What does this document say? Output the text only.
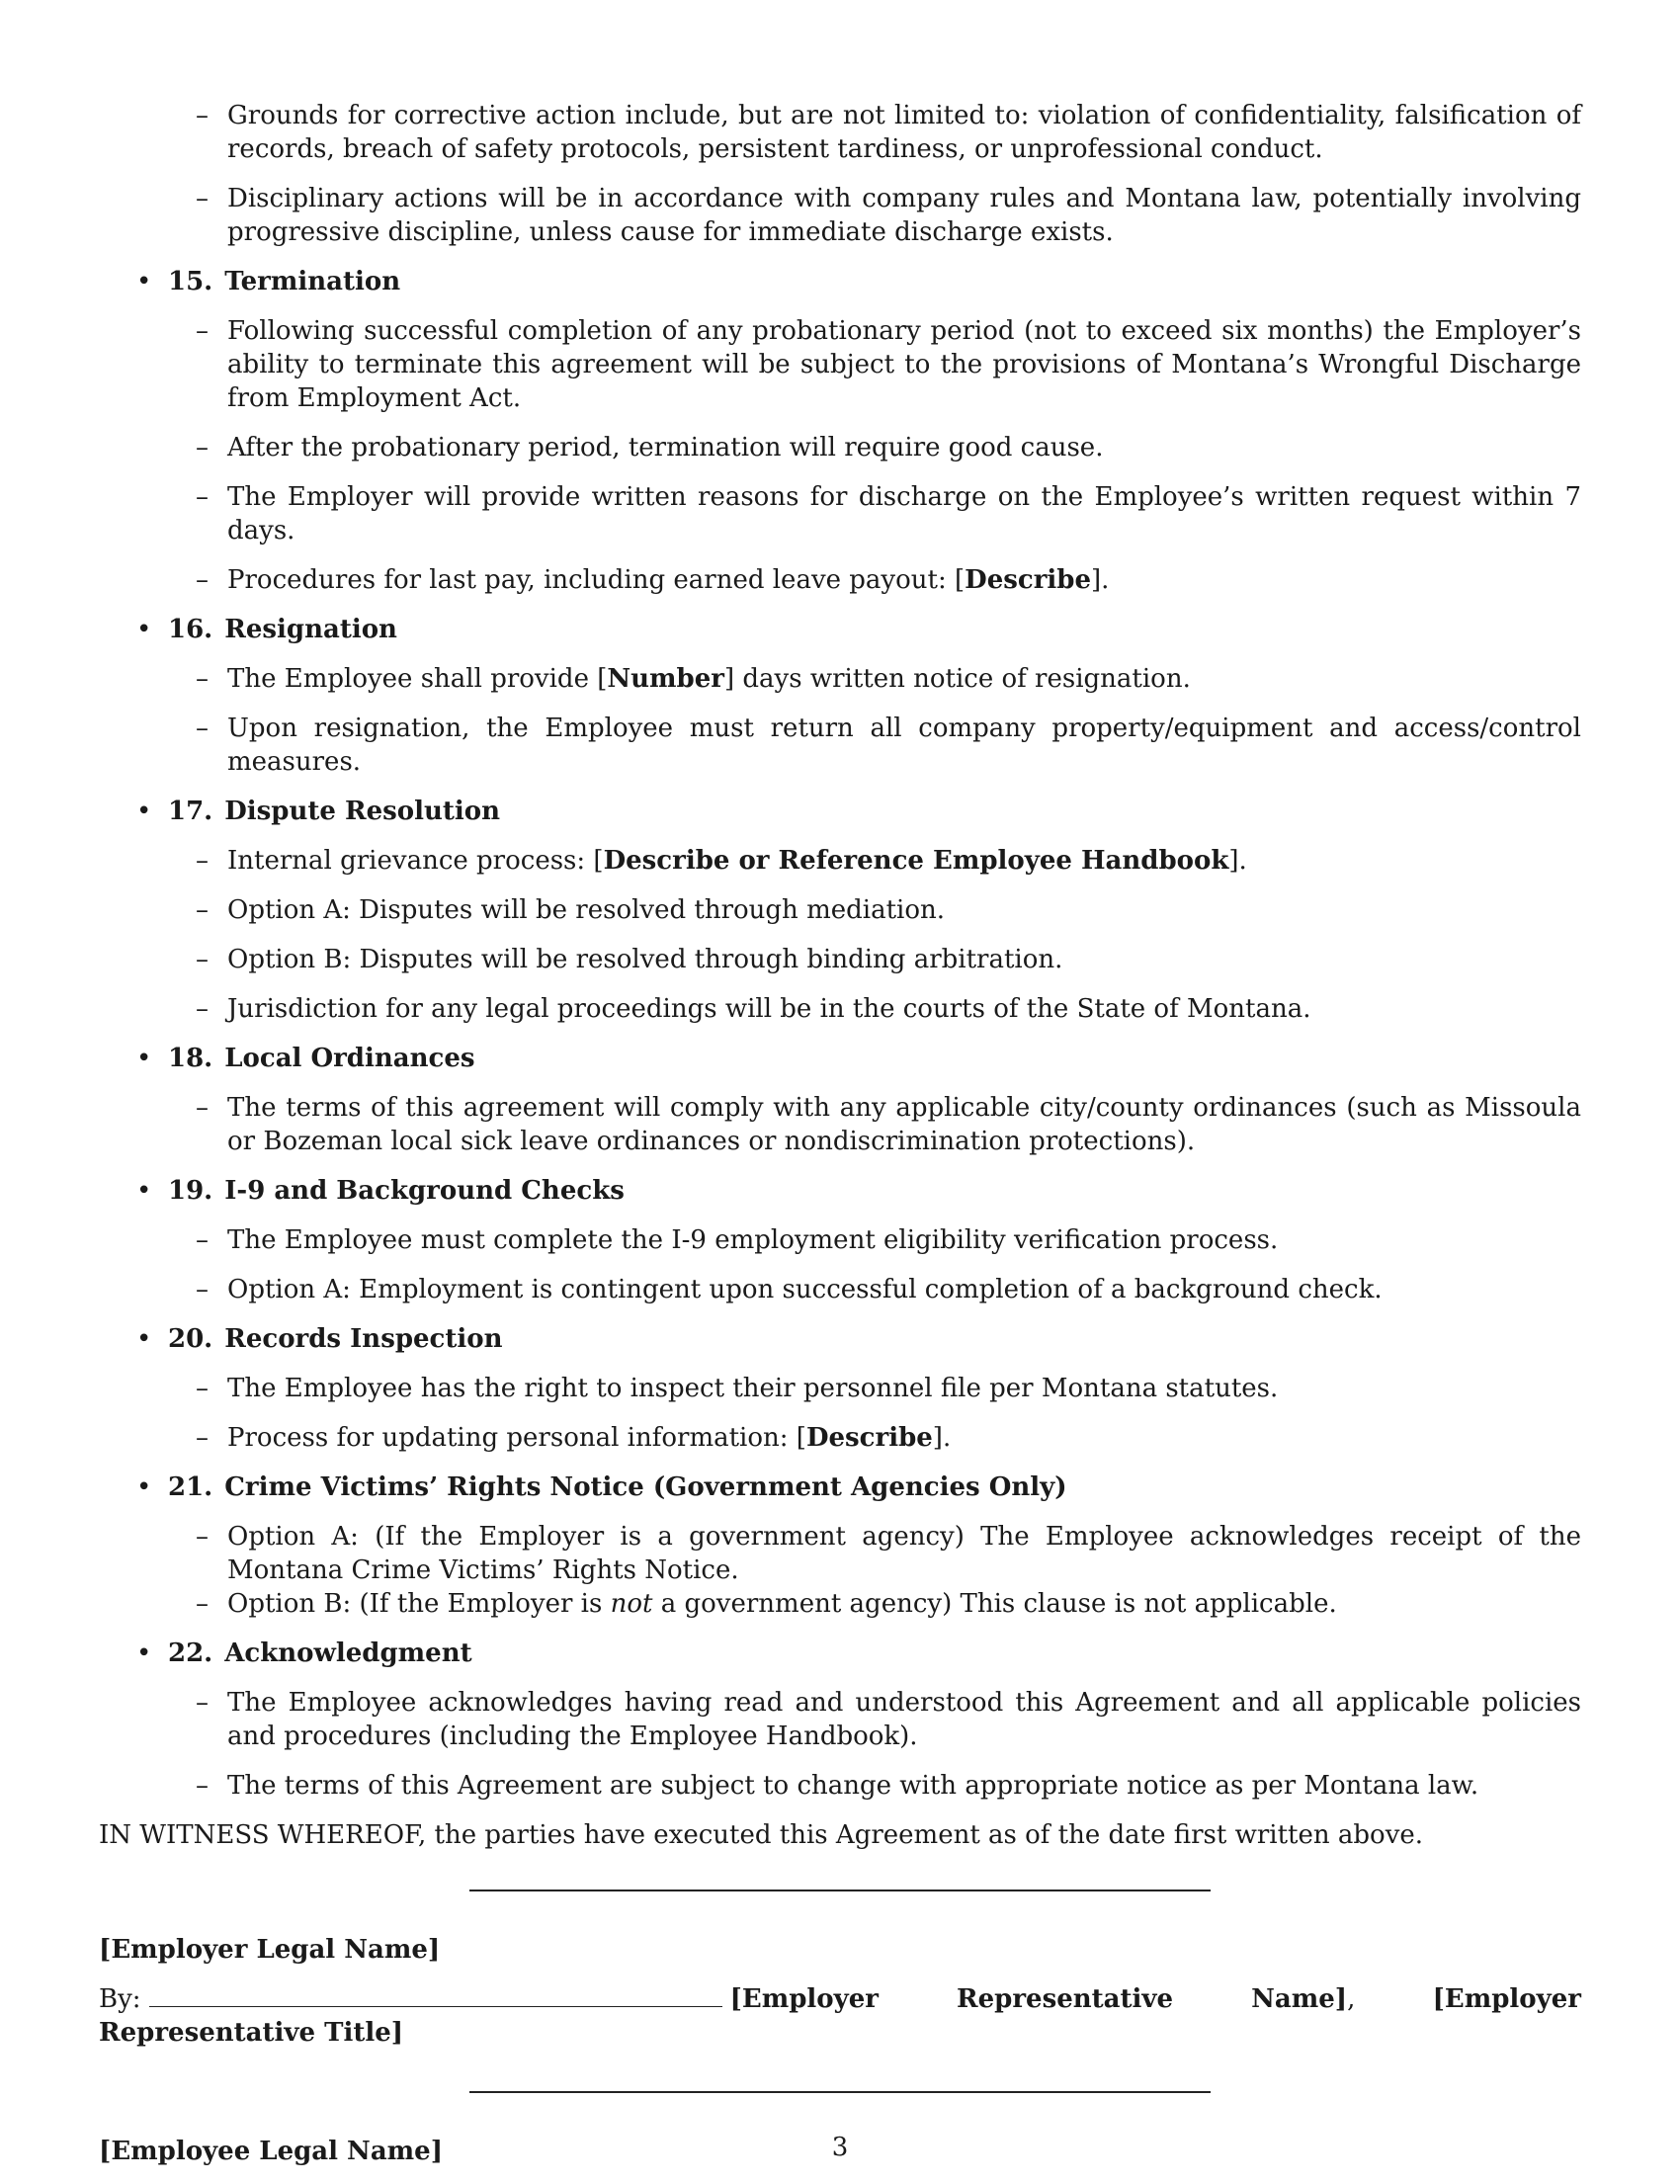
– Grounds for corrective action include, but are not limited to: violation of confidentiality, falsification of records, breach of safety protocols, persistent tardiness, or unprofessional conduct.
– Disciplinary actions will be in accordance with company rules and Montana law, potentially involving progressive discipline, unless cause for immediate discharge exists.
• 15. Termination
– Following successful completion of any probationary period (not to exceed six months) the Employer’s ability to terminate this agreement will be subject to the provisions of Montana’s Wrongful Discharge from Employment Act.
– After the probationary period, termination will require good cause.
– The Employer will provide written reasons for discharge on the Employee’s written request within 7 days.
– Procedures for last pay, including earned leave payout: [Describe].
• 16. Resignation
– The Employee shall provide [Number] days written notice of resignation.
– Upon resignation, the Employee must return all company property/equipment and access/control measures.
• 17. Dispute Resolution
– Internal grievance process: [Describe or Reference Employee Handbook].
– Option A: Disputes will be resolved through mediation.
– Option B: Disputes will be resolved through binding arbitration.
– Jurisdiction for any legal proceedings will be in the courts of the State of Montana.
• 18. Local Ordinances
– The terms of this agreement will comply with any applicable city/county ordinances (such as Missoula or Bozeman local sick leave ordinances or nondiscrimination protections).
• 19. I-9 and Background Checks
– The Employee must complete the I-9 employment eligibility verification process.
– Option A: Employment is contingent upon successful completion of a background check.
• 20. Records Inspection
– The Employee has the right to inspect their personnel file per Montana statutes.
– Process for updating personal information: [Describe].
• 21. Crime Victims’ Rights Notice (Government Agencies Only)
– Option A: (If the Employer is a government agency) The Employee acknowledges receipt of the Montana Crime Victims’ Rights Notice.
– Option B: (If the Employer is not a government agency) This clause is not applicable.
• 22. Acknowledgment
– The Employee acknowledges having read and understood this Agreement and all applicable policies and procedures (including the Employee Handbook).
– The terms of this Agreement are subject to change with appropriate notice as per Montana law.

IN WITNESS WHEREOF, the parties have executed this Agreement as of the date first written above.

[Employer Legal Name]
By:	[Employer Representative Name], [Employer Representative Title]
[Employee Legal Name]	3
